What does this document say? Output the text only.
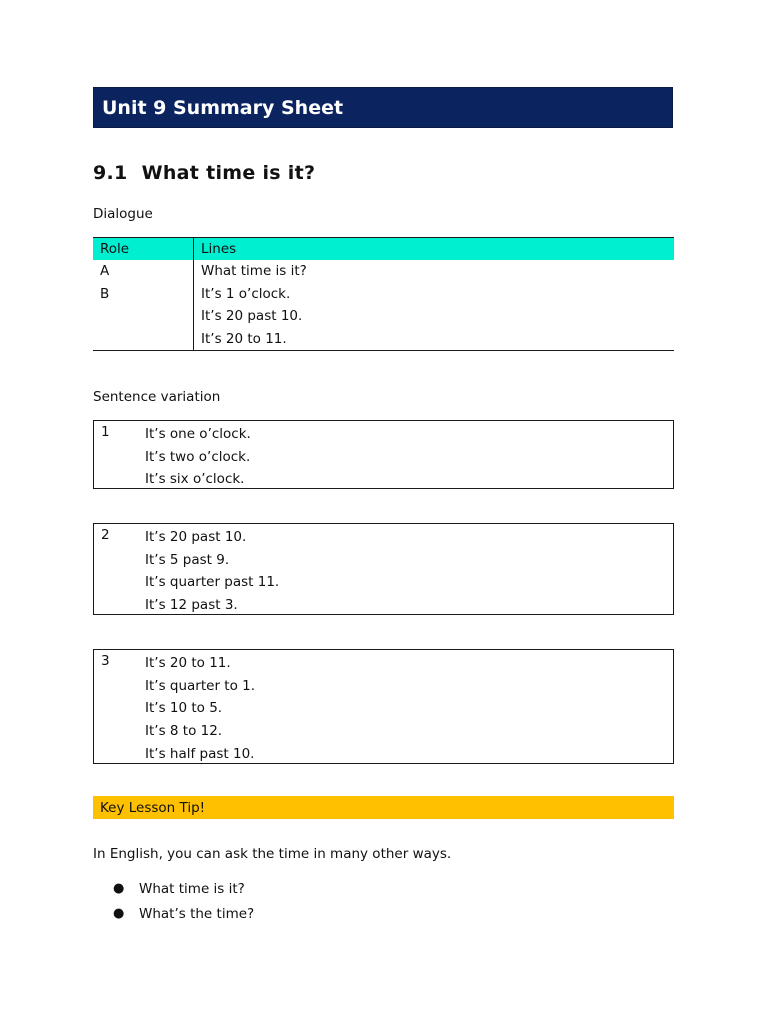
Unit 9 Summary Sheet
9.1 What time is it?
Dialogue
Role	Lines
A	What time is it?
B	It’s 1 o’clock.
	It’s 20 past 10.
	It’s 20 to 11.
Sentence variation
1	It’s one o’clock.
It’s two o’clock.
It’s six o’clock.
2	It’s 20 past 10.
It’s 5 past 9.
It’s quarter past 11.
It’s 12 past 3.
3	It’s 20 to 11.
It’s quarter to 1.
It’s 10 to 5.
It’s 8 to 12.
It’s half past 10.
Key Lesson Tip!
In English, you can ask the time in many other ways.
●	What time is it?
●	What’s the time?
